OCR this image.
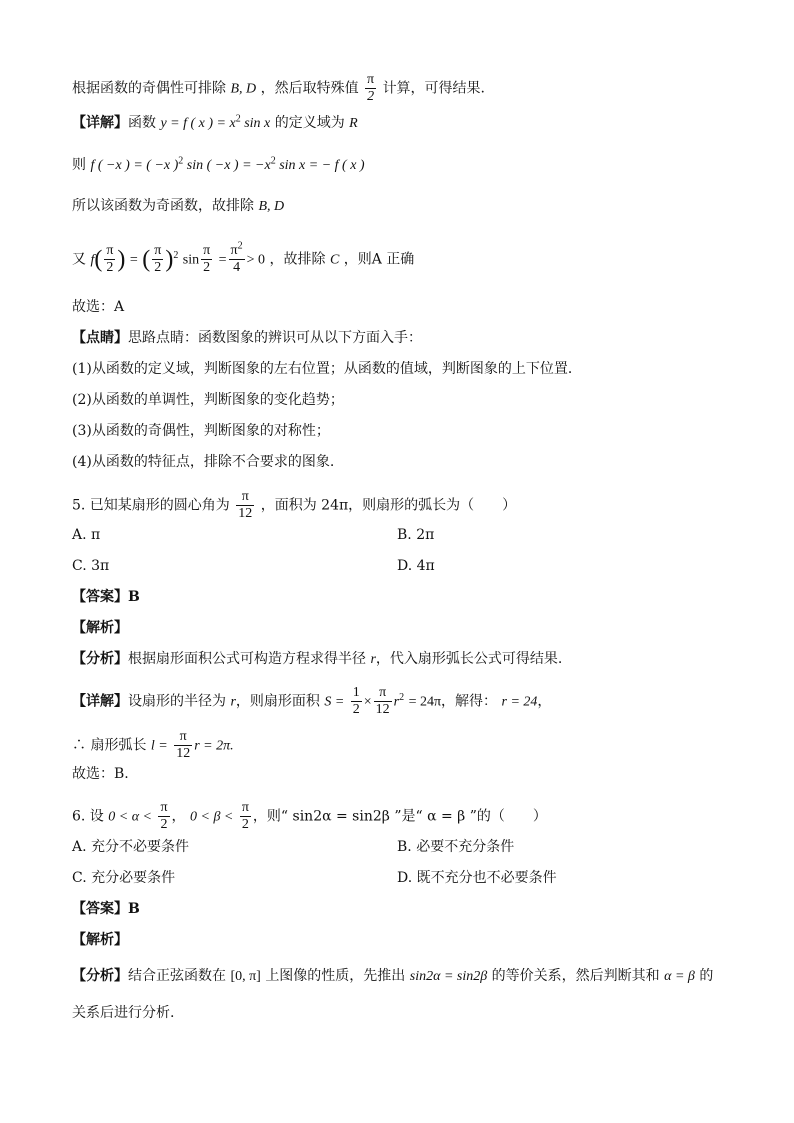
根据函数的奇偶性可排除 B, D ，然后取特殊值 $\frac{\pi}{2}$ 计算，可得结果.
【详解】函数 y = f ( x ) = $x^2$ sin x 的定义域为 R
则 f ( −x ) = ( −x )$^2$ sin ( −x ) = $-x^2$ sin x = − f ( x )
所以该函数为奇函数，故排除 B, D
又 $f( \frac{\pi}{2}$ ) = ( $\frac{\pi}{2} )^2$ $\sin \frac{\pi}{2} = \frac{\pi^2}{4} > 0$ ，故排除 C ，则A 正确
故选：A
【点睛】思路点睛：函数图象的辨识可从以下方面入手：
(1)从函数的定义域，判断图象的左右位置；从函数的值域，判断图象的上下位置．
(2)从函数的单调性，判断图象的变化趋势；
(3)从函数的奇偶性，判断图象的对称性；
(4)从函数的特征点，排除不合要求的图象.
5. 已知某扇形的圆心角为 $\frac{\pi}{12}$ ，面积为 24π，则扇形的弧长为（　　）
A. π	B. 2π
C. 3π	D. 4π
【答案】B
【解析】
【分析】根据扇形面积公式可构造方程求得半径 r，代入扇形弧长公式可得结果.
【详解】设扇形的半径为 r，则扇形面积 $S = \frac{1}{2} \times \frac{\pi}{12} r^2 = 24\pi$，解得： r = 24，
∴ 扇形弧长 $l = \frac{\pi}{12}$ r = 2π.
故选：B.
6. 设 $0 < \alpha < \frac{\pi}{2}$ ， $0 < \beta < \frac{\pi}{2}$ ，则“ sin2α = sin2β ”是“ α = β ”的（　　）
A. 充分不必要条件	B. 必要不充分条件
C. 充分必要条件	D. 既不充分也不必要条件
【答案】B
【解析】
【分析】结合正弦函数在 [0, π] 上图像的性质，先推出 sin2α = sin2β 的等价关系，然后判断其和 α = β 的
关系后进行分析.
